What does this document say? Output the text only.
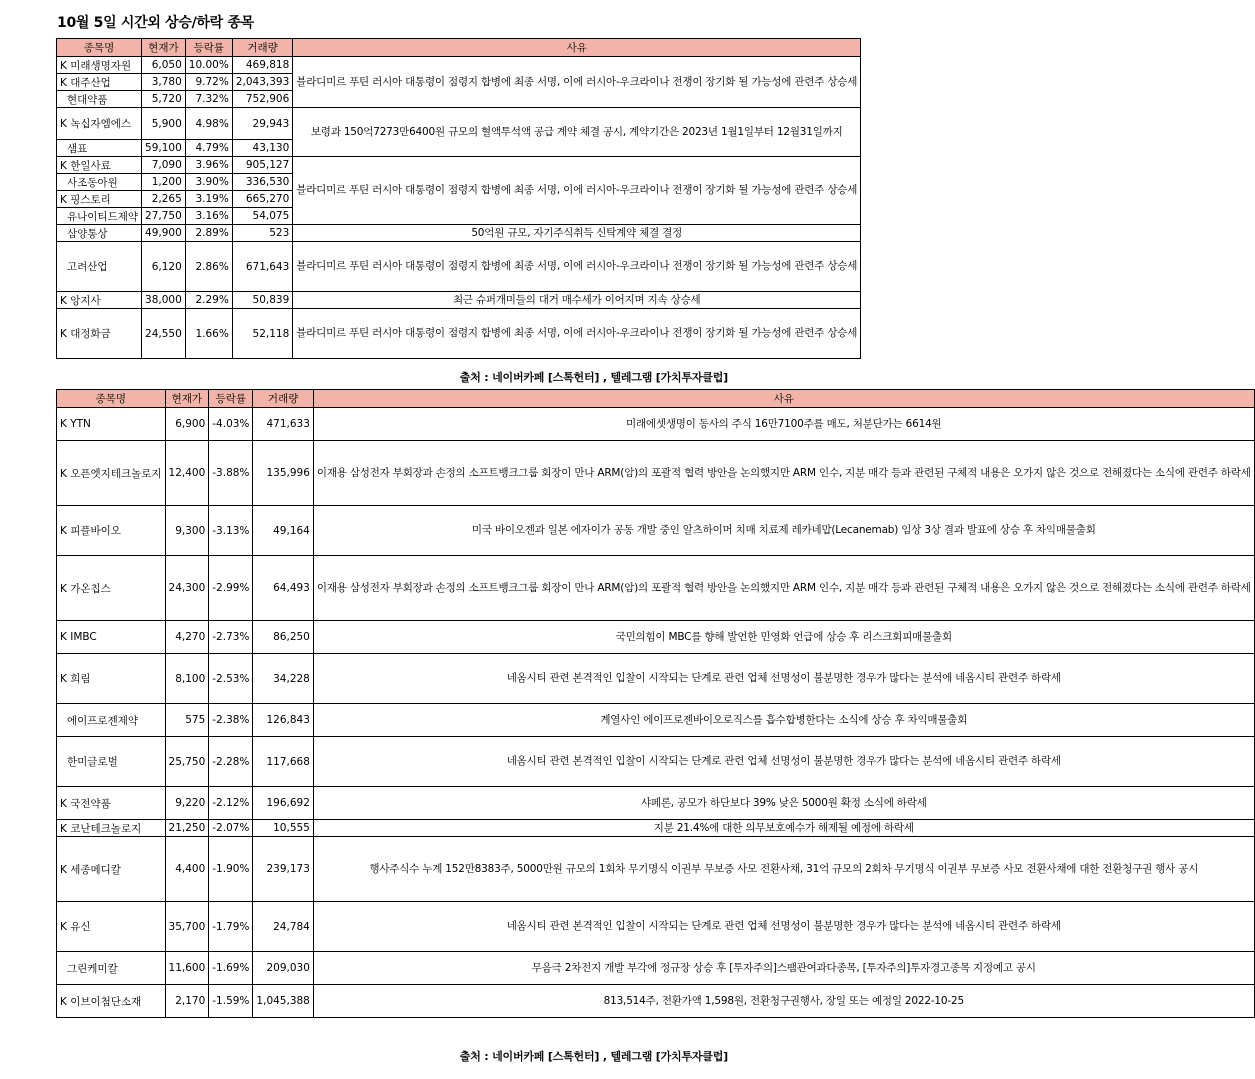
10월 5일 시간외 상승/하락 종목
종목명	현재가	등락률	거래량	사유
K 미래생명자원	6,050	10.00%	469,818	블라디미르 푸틴 러시아 대통령이 점령지 합병에 최종 서명, 이에 러시아-우크라이나 전쟁이 장기화 될 가능성에 관련주 상승세
K 대주산업	3,780	9.72%	2,043,393	
현대약품	5,720	7.32%	752,906	
K 녹십자엠에스	5,900	4.98%	29,943	보령과 150억7273만6400원 규모의 혈액투석액 공급 계약 체결 공시, 계약기간은 2023년 1월1일부터 12월31일까지
샘표	59,100	4.79%	43,130	
K 한일사료	7,090	3.96%	905,127	블라디미르 푸틴 러시아 대통령이 점령지 합병에 최종 서명, 이에 러시아-우크라이나 전쟁이 장기화 될 가능성에 관련주 상승세
사조동아원	1,200	3.90%	336,530	
K 핑스토리	2,265	3.19%	665,270	
유나이티드제약	27,750	3.16%	54,075	
삼양통상	49,900	2.89%	523	50억원 규모, 자기주식취득 신탁계약 체결 결정
고려산업	6,120	2.86%	671,643	블라디미르 푸틴 러시아 대통령이 점령지 합병에 최종 서명, 이에 러시아-우크라이나 전쟁이 장기화 될 가능성에 관련주 상승세
K 앙지사	38,000	2.29%	50,839	최근 슈퍼개미들의 대거 매수세가 이어지며 지속 상승세
K 대정화금	24,550	1.66%	52,118	블라디미르 푸틴 러시아 대통령이 점령지 합병에 최종 서명, 이에 러시아-우크라이나 전쟁이 장기화 될 가능성에 관련주 상승세
출처 : 네이버카페 [스톡헌터] , 텔레그램 [가치투자클럽]
종목명	현재가	등락률	거래량	사유
K YTN	6,900	-4.03%	471,633	미래에셋생명이 동사의 주식 16만7100주를 매도, 처분단가는 6614원
K 오픈엣지테크놀로지	12,400	-3.88%	135,996	이재용 삼성전자 부회장과 손정의 소프트뱅크그룹 회장이 만나 ARM(암)의 포괄적 협력 방안을 논의했지만 ARM 인수, 지분 매각 등과 관련된 구체적 내용은 오가지 않은 것으로 전해졌다는 소식에 관련주 하락세
K 피플바이오	9,300	-3.13%	49,164	미국 바이오젠과 일본 에자이가 공동 개발 중인 알츠하이머 치매 치료제 레카네맙(Lecanemab) 임상 3상 결과 발표에 상승 후 차익매물출회
K 가온칩스	24,300	-2.99%	64,493	이재용 삼성전자 부회장과 손정의 소프트뱅크그룹 회장이 만나 ARM(암)의 포괄적 협력 방안을 논의했지만 ARM 인수, 지분 매각 등과 관련된 구체적 내용은 오가지 않은 것으로 전해졌다는 소식에 관련주 하락세
K IMBC	4,270	-2.73%	86,250	국민의힘이 MBC를 향해 발언한 민영화 언급에 상승 후 리스크회피매물출회
K 희림	8,100	-2.53%	34,228	네옴시티 관련 본격적인 입찰이 시작되는 단계로 관련 업체 선명성이 불분명한 경우가 많다는 분석에 네옴시티 관련주 하락세
에이프로젠제약	575	-2.38%	126,843	계열사인 에이프로젠바이오로직스를 흡수합병한다는 소식에 상승 후 차익매물출회
한미글로벌	25,750	-2.28%	117,668	네옴시티 관련 본격적인 입찰이 시작되는 단계로 관련 업체 선명성이 불분명한 경우가 많다는 분석에 네옴시티 관련주 하락세
K 국전약품	9,220	-2.12%	196,692	샤페론, 공모가 하단보다 39% 낮은 5000원 확정 소식에 하락세
K 코난테크놀로지	21,250	-2.07%	10,555	지분 21.4%에 대한 의무보호예수가 해제될 예정에 하락세
K 세종메디칼	4,400	-1.90%	239,173	행사주식수 누계 152만8383주, 5000만원 규모의 1회차 무기명식 이권부 무보증 사모 전환사채, 31억 규모의 2회차 무기명식 이권부 무보증 사모 전환사채에 대한 전환청구권 행사 공시
K 유신	35,700	-1.79%	24,784	네옴시티 관련 본격적인 입찰이 시작되는 단계로 관련 업체 선명성이 불분명한 경우가 많다는 분석에 네옴시티 관련주 하락세
그린케미칼	11,600	-1.69%	209,030	무음극 2차전지 개발 부각에 정규장 상승 후 [투자주의]스팸관여과다종목, [투자주의]투자경고종목 지정예고 공시
K 이브이첨단소재	2,170	-1.59%	1,045,388	813,514주, 전환가액 1,598원, 전환청구권행사, 장일 또는 예정일 2022-10-25
출처 : 네이버카페 [스톡헌터] , 텔레그램 [가치투자클럽]
